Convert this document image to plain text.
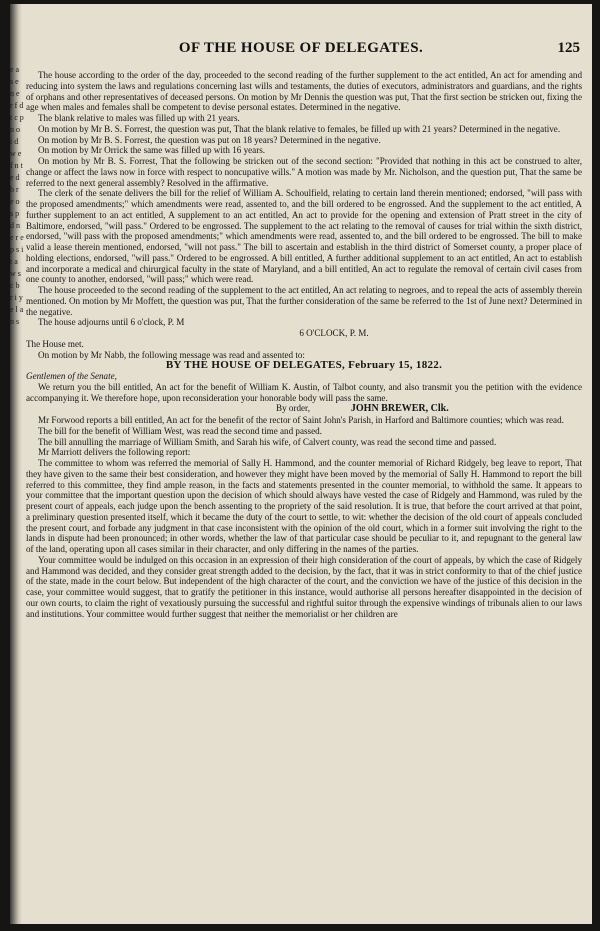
e a s e n e r f d t c p n o i d w e f n t e d b r e o s p d n e r e p s i t a w s c b r i y e l a n s
OF THE HOUSE OF DELEGATES.	125

The house according to the order of the day, proceeded to the second reading of the further supplement to the act entitled, An act for amending and reducing into system the laws and regulations concerning last wills and testaments, the duties of executors, administrators and guardians, and the rights of orphans and other representatives of deceased persons. On motion by Mr Dennis the question was put, That the first section be stricken out, fixing the age when males and females shall be competent to devise personal estates. Determined in the negative.

The blank relative to males was filled up with 21 years.

On motion by Mr B. S. Forrest, the question was put, That the blank relative to females, be filled up with 21 years? Determined in the negative.

On motion by Mr B. S. Forrest, the question was put on 18 years? Determined in the negative.

On motion by Mr Orrick the same was filled up with 16 years.

On motion by Mr B. S. Forrest, That the following be stricken out of the second section: "Provided that nothing in this act be construed to alter, change or affect the laws now in force with respect to noncupative wills." A motion was made by Mr. Nicholson, and the question put, That the same be referred to the next general assembly? Resolved in the affirmative.

The clerk of the senate delivers the bill for the relief of William A. Schoulfield, relating to certain land therein mentioned; endorsed, "will pass with the proposed amendments;" which amendments were read, assented to, and the bill ordered to be engrossed. And the supplement to the act entitled, A further supplement to an act entitled, A supplement to an act entitled, An act to provide for the opening and extension of Pratt street in the city of Baltimore, endorsed, "will pass." Ordered to be engrossed. The supplement to the act relating to the removal of causes for trial within the sixth district, endorsed, "will pass with the proposed amendments;" which amendments were read, assented to, and the bill ordered to be engrossed. The bill to make valid a lease therein mentioned, endorsed, "will not pass." The bill to ascertain and establish in the third district of Somerset county, a proper place of holding elections, endorsed, "will pass." Ordered to be engrossed. A bill entitled, A further additional supplement to an act entitled, An act to establish and incorporate a medical and chirurgical faculty in the state of Maryland, and a bill entitled, An act to regulate the removal of certain civil cases from one county to another, endorsed, "will pass;" which were read.

The house proceeded to the second reading of the supplement to the act entitled, An act relating to negroes, and to repeal the acts of assembly therein mentioned. On motion by Mr Moffett, the question was put, That the further consideration of the same be referred to the 1st of June next? Determined in the negative.

The house adjourns until 6 o'clock, P. M

6 O'CLOCK, P. M.

The House met.

On motion by Mr Nabb, the following message was read and assented to:

BY THE HOUSE OF DELEGATES, February 15, 1822.

Gentlemen of the Senate,

We return you the bill entitled, An act for the benefit of William K. Austin, of Talbot county, and also transmit you the petition with the evidence accompanying it. We therefore hope, upon reconsideration your honorable body will pass the same.

By order,	JOHN BREWER, Clk.

Mr Forwood reports a bill entitled, An act for the benefit of the rector of Saint John's Parish, in Harford and Baltimore counties; which was read.

The bill for the benefit of William West, was read the second time and passed.

The bill annulling the marriage of William Smith, and Sarah his wife, of Calvert county, was read the second time and passed.

Mr Marriott delivers the following report:

The committee to whom was referred the memorial of Sally H. Hammond, and the counter memorial of Richard Ridgely, beg leave to report, That they have given to the same their best consideration, and however they might have been moved by the memorial of Sally H. Hammond to report the bill referred to this committee, they find ample reason, in the facts and statements presented in the counter memorial, to withhold the same. It appears to your committee that the important question upon the decision of which should always have vested the case of Ridgely and Hammond, was ruled by the present court of appeals, each judge upon the bench assenting to the propriety of the said resolution. It is true, that before the court arrived at that point, a preliminary question presented itself, which it became the duty of the court to settle, to wit: whether the decision of the old court of appeals concluded the present court, and forbade any judgment in that case inconsistent with the opinion of the old court, which in a former suit involving the right to the lands in dispute had been pronounced; in other words, whether the law of that particular case should be peculiar to it, and repugnant to the general law of the land, operating upon all cases similar in their character, and only differing in the names of the parties.

Your committee would be indulged on this occasion in an expression of their high consideration of the court of appeals, by which the case of Ridgely and Hammond was decided, and they consider great strength added to the decision, by the fact, that it was in strict conformity to that of the chief justice of the state, made in the court below. But independent of the high character of the court, and the conviction we have of the justice of this decision in the case, your committee would suggest, that to gratify the petitioner in this instance, would authorise all persons hereafter disappointed in the decision of our own courts, to claim the right of vexatiously pursuing the successful and rightful suitor through the expensive windings of tribunals alien to our laws and institutions. Your committee would further suggest that neither the memorialist or her children are
